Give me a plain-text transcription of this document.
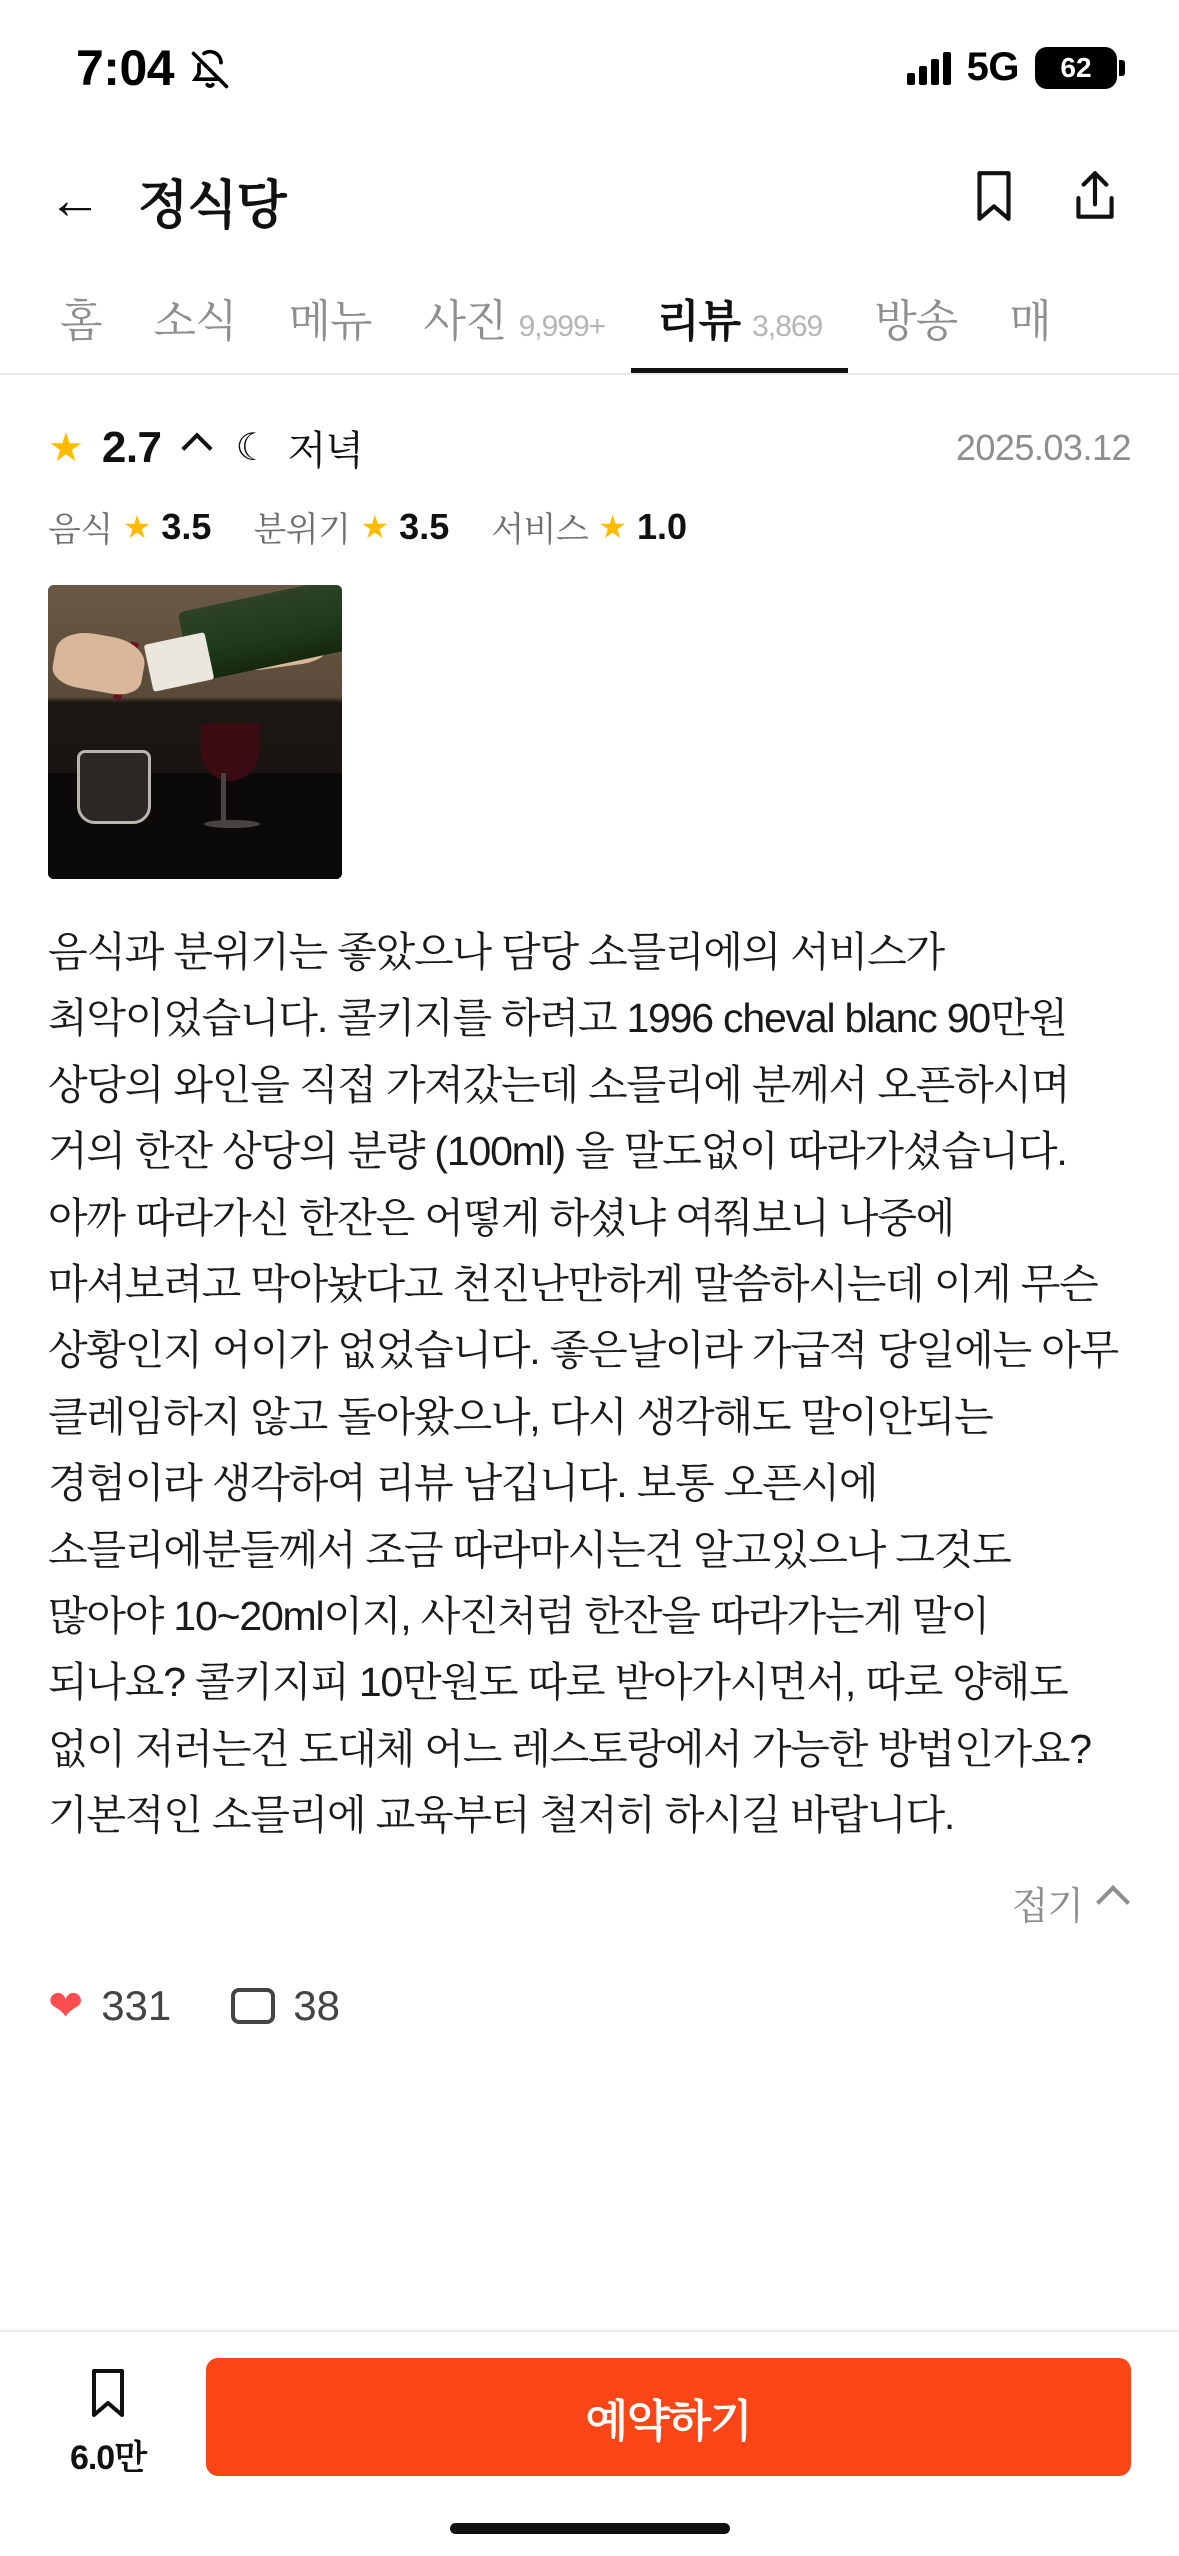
7:04	5G	62
← 정식당
홈 소식 메뉴 사진 9,999+ 리뷰 3,869 방송 매
★ 2.7 ☾ 저녁	2025.03.12
음식 ★ 3.5 분위기 ★ 3.5 서비스 ★ 1.0
음식과 분위기는 좋았으나 담당 소믈리에의 서비스가 최악이었습니다. 콜키지를 하려고 1996 cheval blanc 90만원 상당의 와인을 직접 가져갔는데 소믈리에 분께서 오픈하시며 거의 한잔 상당의 분량 (100ml) 을 말도없이 따라가셨습니다. 아까 따라가신 한잔은 어떻게 하셨냐 여쭤보니 나중에 마셔보려고 막아놨다고 천진난만하게 말씀하시는데 이게 무슨 상황인지 어이가 없었습니다. 좋은날이라 가급적 당일에는 아무 클레임하지 않고 돌아왔으나, 다시 생각해도 말이안되는 경험이라 생각하여 리뷰 남깁니다. 보통 오픈시에 소믈리에분들께서 조금 따라마시는건 알고있으나 그것도 많아야 10~20ml이지, 사진처럼 한잔을 따라가는게 말이 되나요? 콜키지피 10만원도 따로 받아가시면서, 따로 양해도 없이 저러는건 도대체 어느 레스토랑에서 가능한 방법인가요? 기본적인 소믈리에 교육부터 철저히 하시길 바랍니다.
접기
❤ 331	38
6.0만
예약하기
